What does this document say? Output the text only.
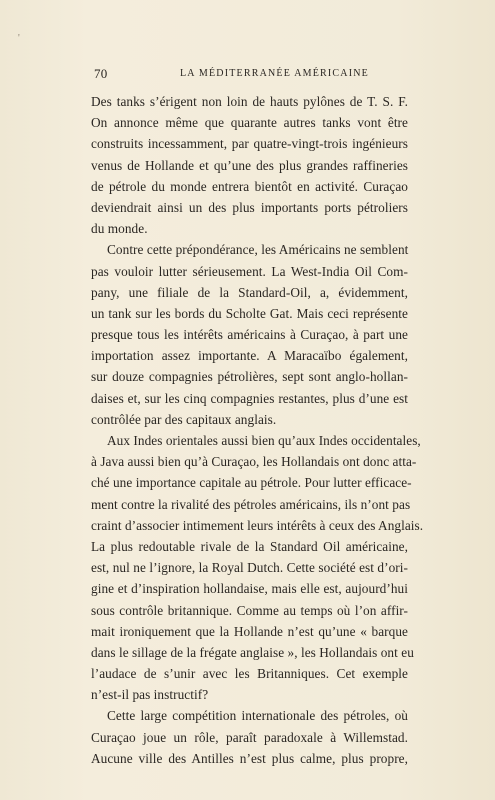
'
70	LA MÉDITERRANÉE AMÉRICAINE
Des tanks s’érigent non loin de hauts pylônes de T. S. F.
On annonce même que quarante autres tanks vont être
construits incessamment, par quatre-vingt-trois ingénieurs
venus de Hollande et qu’une des plus grandes raffineries
de pétrole du monde entrera bientôt en activité. Curaçao
deviendrait ainsi un des plus importants ports pétroliers
du monde.
Contre cette prépondérance, les Américains ne semblent
pas vouloir lutter sérieusement. La West-India Oil Com-
pany, une filiale de la Standard-Oil, a, évidemment,
un tank sur les bords du Scholte Gat. Mais ceci représente
presque tous les intérêts américains à Curaçao, à part une
importation assez importante. A Maracaïbo également,
sur douze compagnies pétrolières, sept sont anglo-hollan-
daises et, sur les cinq compagnies restantes, plus d’une est
contrôlée par des capitaux anglais.
Aux Indes orientales aussi bien qu’aux Indes occidentales,
à Java aussi bien qu’à Curaçao, les Hollandais ont donc atta-
ché une importance capitale au pétrole. Pour lutter efficace-
ment contre la rivalité des pétroles américains, ils n’ont pas
craint d’associer intimement leurs intérêts à ceux des Anglais.
La plus redoutable rivale de la Standard Oil américaine,
est, nul ne l’ignore, la Royal Dutch. Cette société est d’ori-
gine et d’inspiration hollandaise, mais elle est, aujourd’hui
sous contrôle britannique. Comme au temps où l’on affir-
mait ironiquement que la Hollande n’est qu’une « barque
dans le sillage de la frégate anglaise », les Hollandais ont eu
l’audace de s’unir avec les Britanniques. Cet exemple
n’est-il pas instructif?
Cette large compétition internationale des pétroles, où
Curaçao joue un rôle, paraît paradoxale à Willemstad.
Aucune ville des Antilles n’est plus calme, plus propre,
